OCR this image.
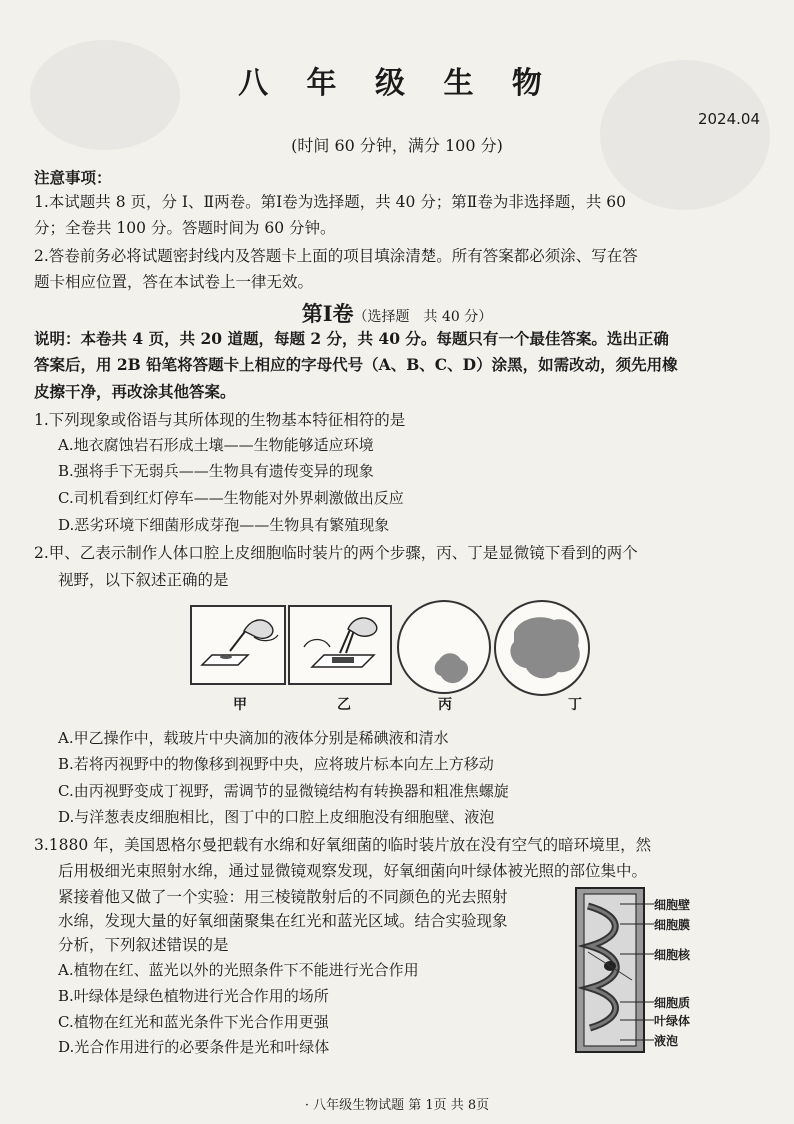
八 年 级 生 物
2024.04
(时间 60 分钟，满分 100 分)
注意事项：
1.本试题共 8 页，分 Ⅰ、Ⅱ两卷。第Ⅰ卷为选择题，共 40 分；第Ⅱ卷为非选择题，共 60
分；全卷共 100 分。答题时间为 60 分钟。
2.答卷前务必将试题密封线内及答题卡上面的项目填涂清楚。所有答案都必须涂、写在答
题卡相应位置，答在本试卷上一律无效。
第Ⅰ卷（选择题　共 40 分）
说明：本卷共 4 页，共 20 道题，每题 2 分，共 40 分。每题只有一个最佳答案。选出正确
答案后，用 2B 铅笔将答题卡上相应的字母代号（A、B、C、D）涂黑，如需改动，须先用橡
皮擦干净，再改涂其他答案。
1.下列现象或俗语与其所体现的生物基本特征相符的是
A.地衣腐蚀岩石形成土壤——生物能够适应环境
B.强将手下无弱兵——生物具有遗传变异的现象
C.司机看到红灯停车——生物能对外界刺激做出反应
D.恶劣环境下细菌形成芽孢——生物具有繁殖现象
2.甲、乙表示制作人体口腔上皮细胞临时装片的两个步骤，丙、丁是显微镜下看到的两个
视野，以下叙述正确的是
甲	乙	丙	丁
A.甲乙操作中，载玻片中央滴加的液体分别是稀碘液和清水
B.若将丙视野中的物像移到视野中央，应将玻片标本向左上方移动
C.由丙视野变成丁视野，需调节的显微镜结构有转换器和粗准焦螺旋
D.与洋葱表皮细胞相比，图丁中的口腔上皮细胞没有细胞壁、液泡
3.1880 年，美国恩格尔曼把载有水绵和好氧细菌的临时装片放在没有空气的暗环境里，然
后用极细光束照射水绵，通过显微镜观察发现，好氧细菌向叶绿体被光照的部位集中。
紧接着他又做了一个实验：用三棱镜散射后的不同颜色的光去照射
水绵，发现大量的好氧细菌聚集在红光和蓝光区域。结合实验现象
分析，下列叙述错误的是
A.植物在红、蓝光以外的光照条件下不能进行光合作用
B.叶绿体是绿色植物进行光合作用的场所
C.植物在红光和蓝光条件下光合作用更强
D.光合作用进行的必要条件是光和叶绿体
细胞壁
细胞膜
细胞核
细胞质
叶绿体
液泡
· 八年级生物试题 第 1页 共 8页
